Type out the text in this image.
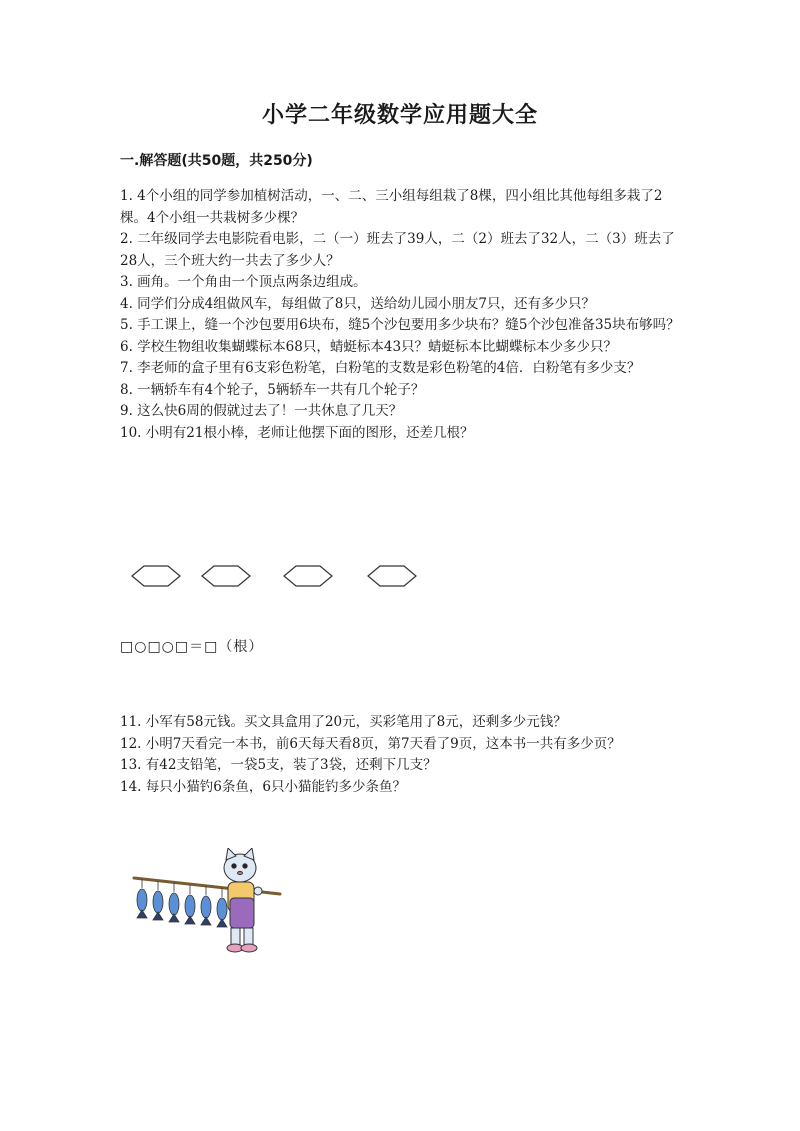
小学二年级数学应用题大全
一.解答题(共50题，共250分)

1. 4个小组的同学参加植树活动，一、二、三小组每组栽了8棵，四小组比其他每组多栽了2棵。4个小组一共栽树多少棵？

2. 二年级同学去电影院看电影，二（一）班去了39人，二（2）班去了32人，二（3）班去了28人，三个班大约一共去了多少人？

3. 画角。一个角由一个顶点两条边组成。

4. 同学们分成4组做风车，每组做了8只，送给幼儿园小朋友7只，还有多少只？

5. 手工课上，缝一个沙包要用6块布，缝5个沙包要用多少块布？缝5个沙包准备35块布够吗？

6. 学校生物组收集蝴蝶标本68只，蜻蜓标本43只？蜻蜓标本比蝴蝶标本少多少只？

7. 李老师的盒子里有6支彩色粉笔，白粉笔的支数是彩色粉笔的4倍．白粉笔有多少支？

8. 一辆轿车有4个轮子，5辆轿车一共有几个轮子？

9. 这么快6周的假就过去了！一共休息了几天？

10. 小明有21根小棒，老师让他摆下面的图形，还差几根？

□○□○□＝□（根）

11. 小军有58元钱。买文具盒用了20元，买彩笔用了8元，还剩多少元钱？

12. 小明7天看完一本书，前6天每天看8页，第7天看了9页，这本书一共有多少页？

13. 有42支铅笔，一袋5支，装了3袋，还剩下几支？

14. 每只小猫钓6条鱼，6只小猫能钓多少条鱼？
